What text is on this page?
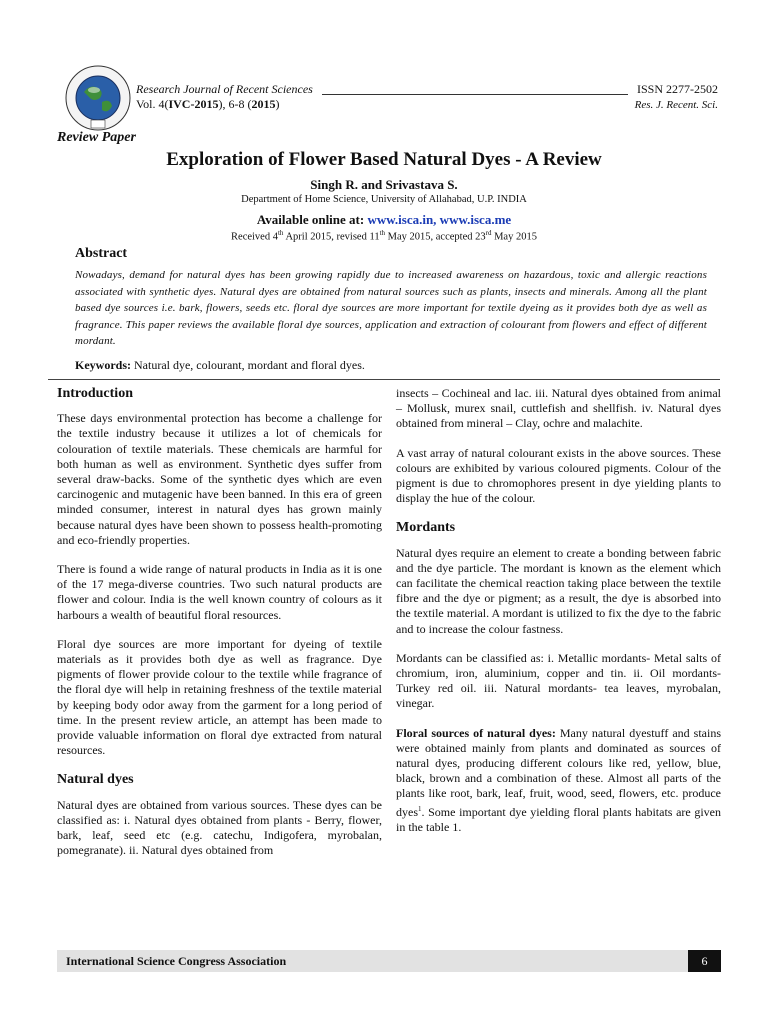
Research Journal of Recent Sciences
Vol. 4(IVC-2015), 6-8 (2015)
ISSN 2277-2502
Res. J. Recent. Sci.
Review Paper
Exploration of Flower Based Natural Dyes - A Review
Singh R. and Srivastava S.
Department of Home Science, University of Allahabad, U.P. INDIA
Available online at: www.isca.in, www.isca.me
Received 4th April 2015, revised 11th May 2015, accepted 23rd May 2015
Abstract
Nowadays, demand for natural dyes has been growing rapidly due to increased awareness on hazardous, toxic and allergic reactions associated with synthetic dyes. Natural dyes are obtained from natural sources such as plants, insects and minerals. Among all the plant based dye sources i.e. bark, flowers, seeds etc. floral dye sources are more important for textile dyeing as it provides both dye as well as fragrance. This paper reviews the available floral dye sources, application and extraction of colourant from flowers and effect of different mordant.
Keywords: Natural dye, colourant, mordant and floral dyes.
Introduction

These days environmental protection has become a challenge for the textile industry because it utilizes a lot of chemicals for colouration of textile materials. These chemicals are harmful for both human as well as environment. Synthetic dyes suffer from several draw-backs. Some of the synthetic dyes which are even carcinogenic and mutagenic have been banned. In this era of green minded consumer, interest in natural dyes has grown mainly because natural dyes have been shown to possess health-promoting and eco-friendly properties.

There is found a wide range of natural products in India as it is one of the 17 mega-diverse countries. Two such natural products are flower and colour. India is the well known country of colours as it harbours a wealth of beautiful floral resources.

Floral dye sources are more important for dyeing of textile materials as it provides both dye as well as fragrance. Dye pigments of flower provide colour to the textile while fragrance of the floral dye will help in retaining freshness of the textile material by keeping body odor away from the garment for a long period of time. In the present review article, an attempt has been made to provide valuable information on floral dye extracted from natural resources.

Natural dyes

Natural dyes are obtained from various sources. These dyes can be classified as: i. Natural dyes obtained from plants - Berry, flower, bark, leaf, seed etc (e.g. catechu, Indigofera, myrobalan, pomegranate). ii. Natural dyes obtained from

insects – Cochineal and lac. iii. Natural dyes obtained from animal – Mollusk, murex snail, cuttlefish and shellfish. iv. Natural dyes obtained from mineral – Clay, ochre and malachite.

A vast array of natural colourant exists in the above sources. These colours are exhibited by various coloured pigments. Colour of the pigment is due to chromophores present in dye yielding plants to display the hue of the colour.

Mordants

Natural dyes require an element to create a bonding between fabric and the dye particle. The mordant is known as the element which can facilitate the chemical reaction taking place between the textile fibre and the dye or pigment; as a result, the dye is absorbed into the textile material. A mordant is utilized to fix the dye to the fabric and to increase the colour fastness.

Mordants can be classified as: i. Metallic mordants- Metal salts of chromium, iron, aluminium, copper and tin. ii. Oil mordants- Turkey red oil. iii. Natural mordants- tea leaves, myrobalan, vinegar.

Floral sources of natural dyes: Many natural dyestuff and stains were obtained mainly from plants and dominated as sources of natural dyes, producing different colours like red, yellow, blue, black, brown and a combination of these. Almost all parts of the plants like root, bark, leaf, fruit, wood, seed, flowers, etc. produce dyes$^1$. Some important dye yielding floral plants habitats are given in the table 1.

International Science Congress Association	6
